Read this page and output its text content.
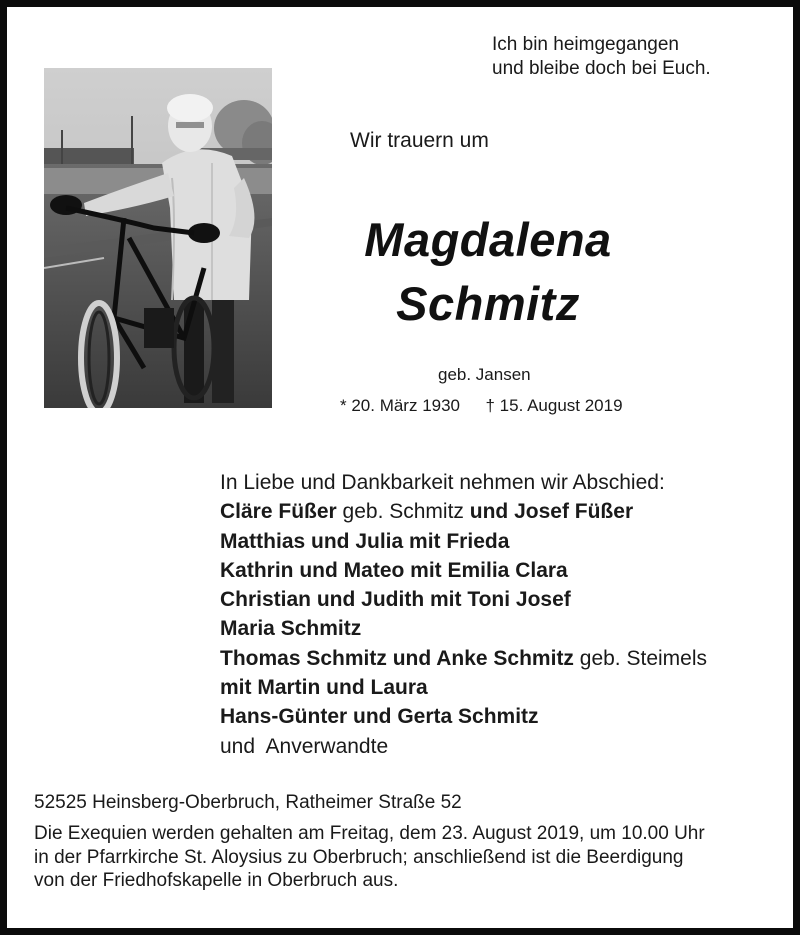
Ich bin heimgegangen
und bleibe doch bei Euch.
Wir trauern um
Magdalena
Schmitz
geb. Jansen
* 20. März 1930 † 15. August 2019
In Liebe und Dankbarkeit nehmen wir Abschied:
Cläre Füßer geb. Schmitz und Josef Füßer
Matthias und Julia mit Frieda
Kathrin und Mateo mit Emilia Clara
Christian und Judith mit Toni Josef
Maria Schmitz
Thomas Schmitz und Anke Schmitz geb. Steimels
mit Martin und Laura
Hans-Günter und Gerta Schmitz
und  Anverwandte
52525 Heinsberg-Oberbruch, Ratheimer Straße 52
Die Exequien werden gehalten am Freitag, dem 23. August 2019, um 10.00 Uhr
in der Pfarrkirche St. Aloysius zu Oberbruch; anschließend ist die Beerdigung
von der Friedhofskapelle in Oberbruch aus.
